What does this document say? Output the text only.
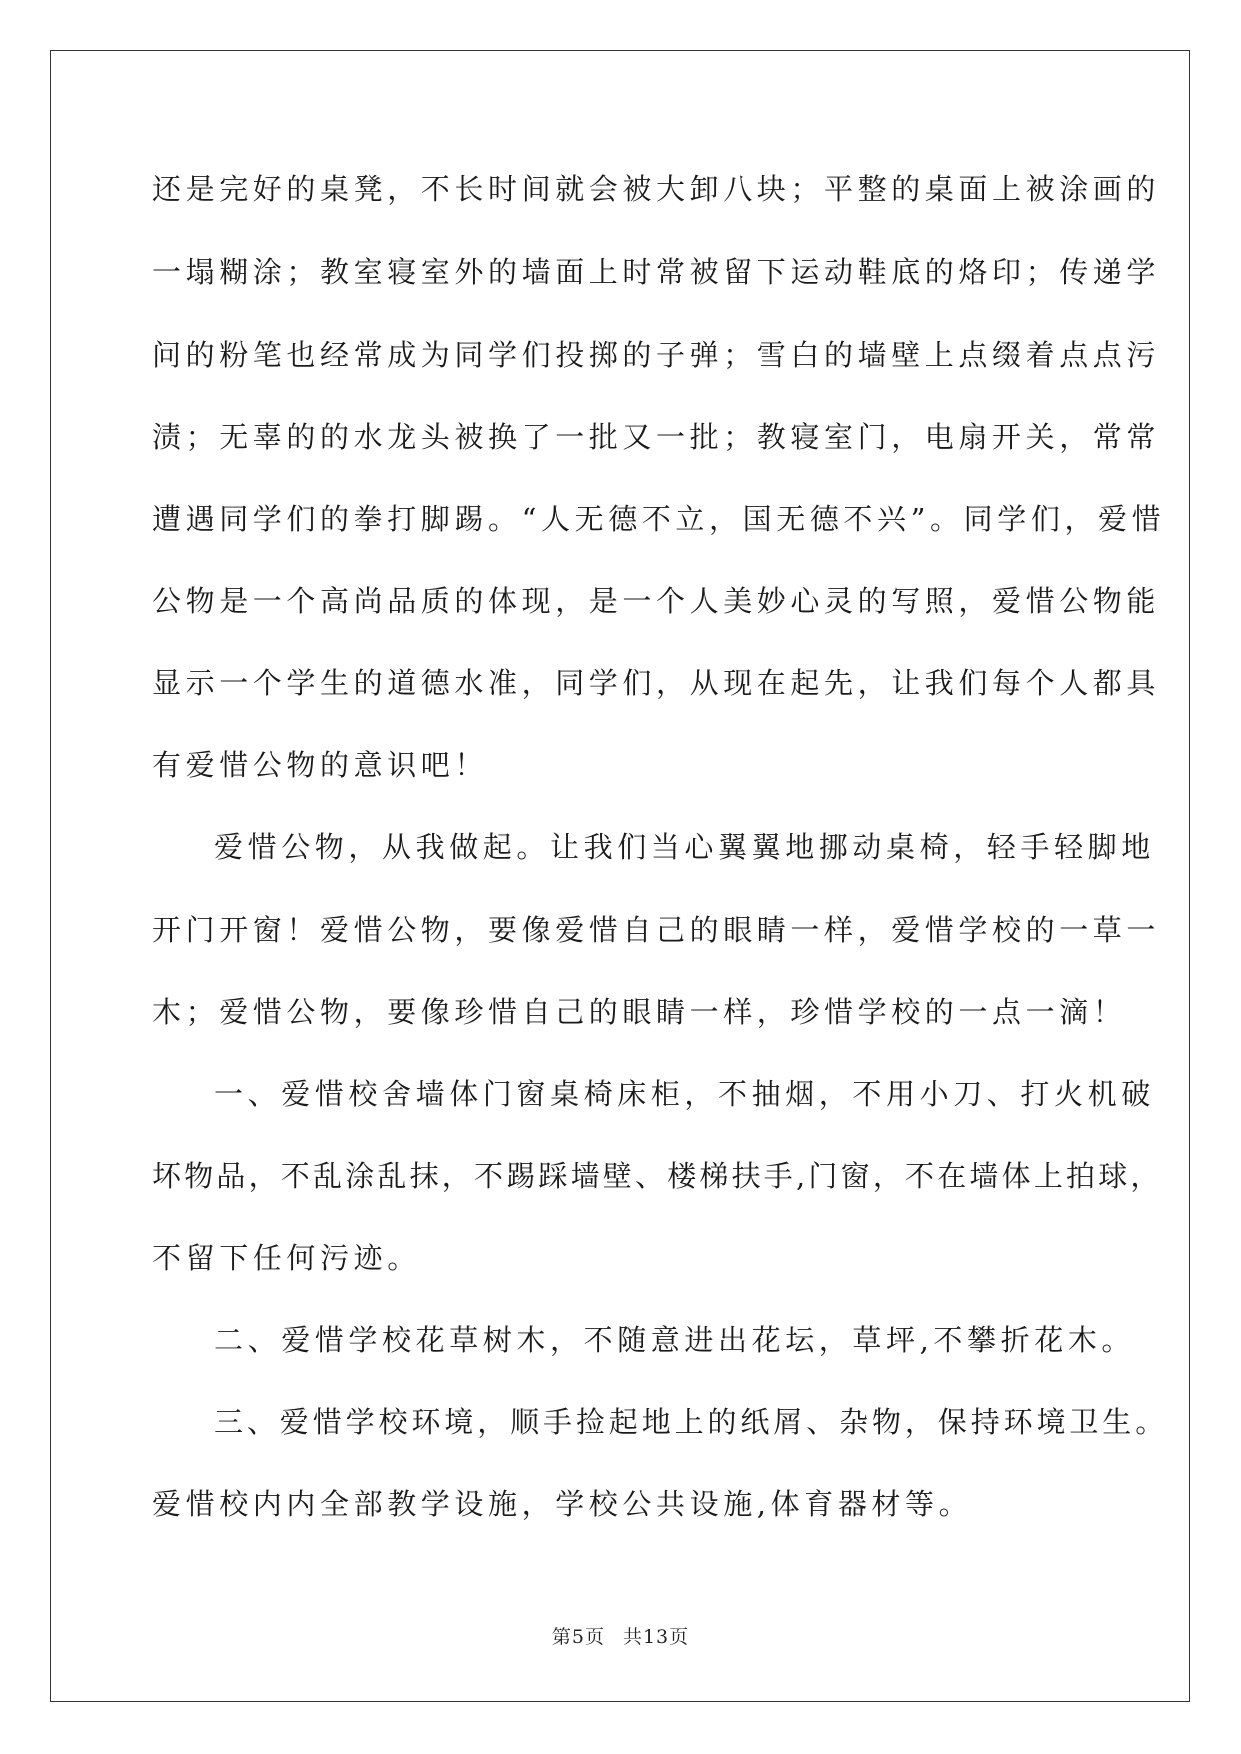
还是完好的桌凳，不长时间就会被大卸八块；平整的桌面上被涂画的
一塌糊涂；教室寝室外的墙面上时常被留下运动鞋底的烙印；传递学
问的粉笔也经常成为同学们投掷的子弹；雪白的墙壁上点缀着点点污
渍；无辜的的水龙头被换了一批又一批；教寝室门，电扇开关，常常
遭遇同学们的拳打脚踢。“人无德不立，国无德不兴”。同学们，爱惜
公物是一个高尚品质的体现，是一个人美妙心灵的写照，爱惜公物能
显示一个学生的道德水准，同学们，从现在起先，让我们每个人都具
有爱惜公物的意识吧！
爱惜公物，从我做起。让我们当心翼翼地挪动桌椅，轻手轻脚地
开门开窗！爱惜公物，要像爱惜自己的眼睛一样，爱惜学校的一草一
木；爱惜公物，要像珍惜自己的眼睛一样，珍惜学校的一点一滴！
一、爱惜校舍墙体门窗桌椅床柜，不抽烟，不用小刀、打火机破
坏物品，不乱涂乱抹，不踢踩墙壁、楼梯扶手,门窗，不在墙体上拍球，
不留下任何污迹。
二、爱惜学校花草树木，不随意进出花坛，草坪,不攀折花木。
三、爱惜学校环境，顺手捡起地上的纸屑、杂物，保持环境卫生。
爱惜校内内全部教学设施，学校公共设施,体育器材等。
第5页 共13页
